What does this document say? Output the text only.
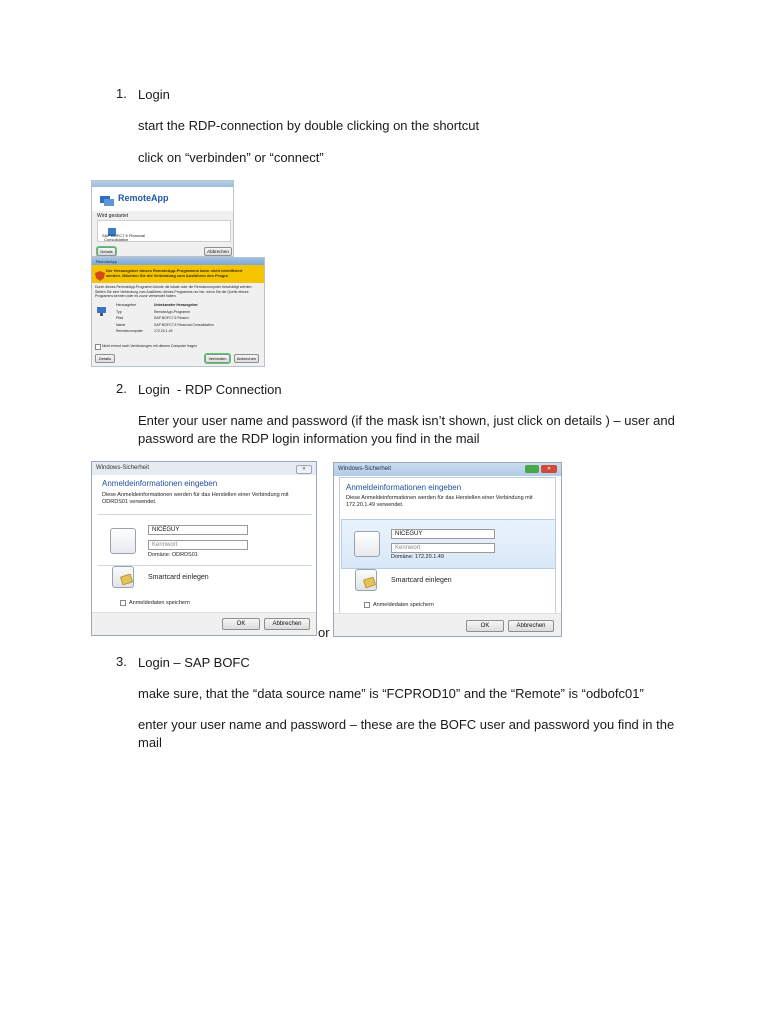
1. Login
start the RDP-connection by double clicking on the shortcut
click on “verbinden” or “connect”
RemoteApp
Wird gestartet
SAP BOFC7.5 Financial
Consolidation
Details	Abbrechen
RemoteApp
Der Herausgeber dieses RemoteApp-Programms kann nicht identifiziert werden. Möchten Sie die Verbindung zum Ausführen des Progra
Durch dieses RemoteApp-Programm könnte die lokale oder die Remotecomputer beschädigt werden. Stellen Sie eine Verbindung zum Ausführen dieses Programms nur her, wenn Sie die Quelle dieses Programms kennen oder es zuvor verwendet haben.
Herausgeber	Unbekannter Herausgeber
Typ	RemoteApp-Programm
Pfad	SAP BOFC7.5 Financi
Name	SAP BOFC7.5 Financial Consolidation
Remotecomputer	172.20.1.49
Nicht erneut nach Verbindungen mit diesem Computer fragen
Details	Verbinden	Abbrechen
2. Login  - RDP Connection
Enter your user name and password (if the mask isn’t shown, just click on details ) – user and password are the RDP login information you find in the mail
Windows-Sicherheit	✕
Anmeldeinformationen eingeben
Diese Anmeldeinformationen werden für das Herstellen einer Verbindung mit ODRDS01 verwendet.
NICEGUY
Kennwort
Domäne: ODRDS01
Smartcard einlegen
Anmeldedaten speichern
OK	Abbrechen
or
Windows-Sicherheit	✕
Anmeldeinformationen eingeben
Diese Anmeldeinformationen werden für das Herstellen einer Verbindung mit 172.20.1.49 verwendet.
NICEGUY
Kennwort
Domäne: 172.20.1.49
Smartcard einlegen
Anmeldedaten speichern
OK	Abbrechen
3. Login – SAP BOFC
make sure, that the “data source name” is “FCPROD10” and the “Remote” is “odbofc01”
enter your user name and password – these are the BOFC user and password you find in the mail
